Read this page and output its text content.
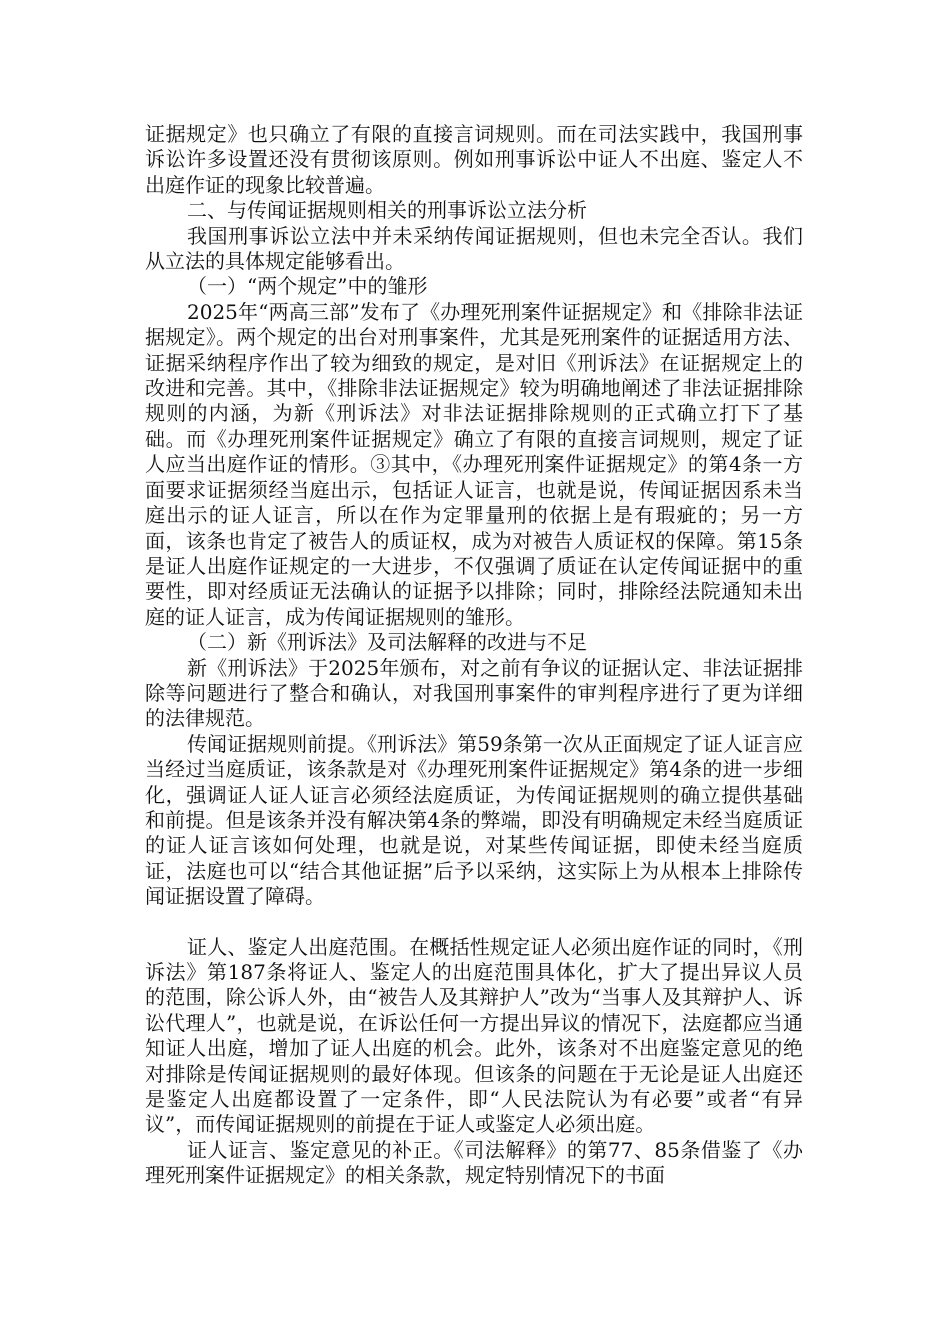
证据规定》也只确立了有限的直接言词规则。而在司法实践中，我国刑事诉讼许多设置还没有贯彻该原则。例如刑事诉讼中证人不出庭、鉴定人不出庭作证的现象比较普遍。

二、与传闻证据规则相关的刑事诉讼立法分析

我国刑事诉讼立法中并未采纳传闻证据规则，但也未完全否认。我们从立法的具体规定能够看出。

（一）“两个规定”中的雏形

2025年“两高三部”发布了《办理死刑案件证据规定》和《排除非法证据规定》。两个规定的出台对刑事案件，尤其是死刑案件的证据适用方法、证据采纳程序作出了较为细致的规定，是对旧《刑诉法》在证据规定上的改进和完善。其中，《排除非法证据规定》较为明确地阐述了非法证据排除规则的内涵，为新《刑诉法》对非法证据排除规则的正式确立打下了基础。而《办理死刑案件证据规定》确立了有限的直接言词规则，规定了证人应当出庭作证的情形。③其中，《办理死刑案件证据规定》的第4条一方面要求证据须经当庭出示，包括证人证言，也就是说，传闻证据因系未当庭出示的证人证言，所以在作为定罪量刑的依据上是有瑕疵的；另一方面，该条也肯定了被告人的质证权，成为对被告人质证权的保障。第15条是证人出庭作证规定的一大进步，不仅强调了质证在认定传闻证据中的重要性，即对经质证无法确认的证据予以排除；同时，排除经法院通知未出庭的证人证言，成为传闻证据规则的雏形。

（二）新《刑诉法》及司法解释的改进与不足

新《刑诉法》于2025年颁布，对之前有争议的证据认定、非法证据排除等问题进行了整合和确认，对我国刑事案件的审判程序进行了更为详细的法律规范。

传闻证据规则前提。《刑诉法》第59条第一次从正面规定了证人证言应当经过当庭质证，该条款是对《办理死刑案件证据规定》第4条的进一步细化，强调证人证人证言必须经法庭质证，为传闻证据规则的确立提供基础和前提。但是该条并没有解决第4条的弊端，即没有明确规定未经当庭质证的证人证言该如何处理，也就是说，对某些传闻证据，即使未经当庭质证，法庭也可以“结合其他证据”后予以采纳，这实际上为从根本上排除传闻证据设置了障碍。

证人、鉴定人出庭范围。在概括性规定证人必须出庭作证的同时，《刑诉法》第187条将证人、鉴定人的出庭范围具体化，扩大了提出异议人员的范围，除公诉人外，由“被告人及其辩护人”改为“当事人及其辩护人、诉讼代理人”，也就是说，在诉讼任何一方提出异议的情况下，法庭都应当通知证人出庭，增加了证人出庭的机会。此外，该条对不出庭鉴定意见的绝对排除是传闻证据规则的最好体现。但该条的问题在于无论是证人出庭还是鉴定人出庭都设置了一定条件，即“人民法院认为有必要”或者“有异议”，而传闻证据规则的前提在于证人或鉴定人必须出庭。

证人证言、鉴定意见的补正。《司法解释》的第77、85条借鉴了《办理死刑案件证据规定》的相关条款，规定特别情况下的书面
